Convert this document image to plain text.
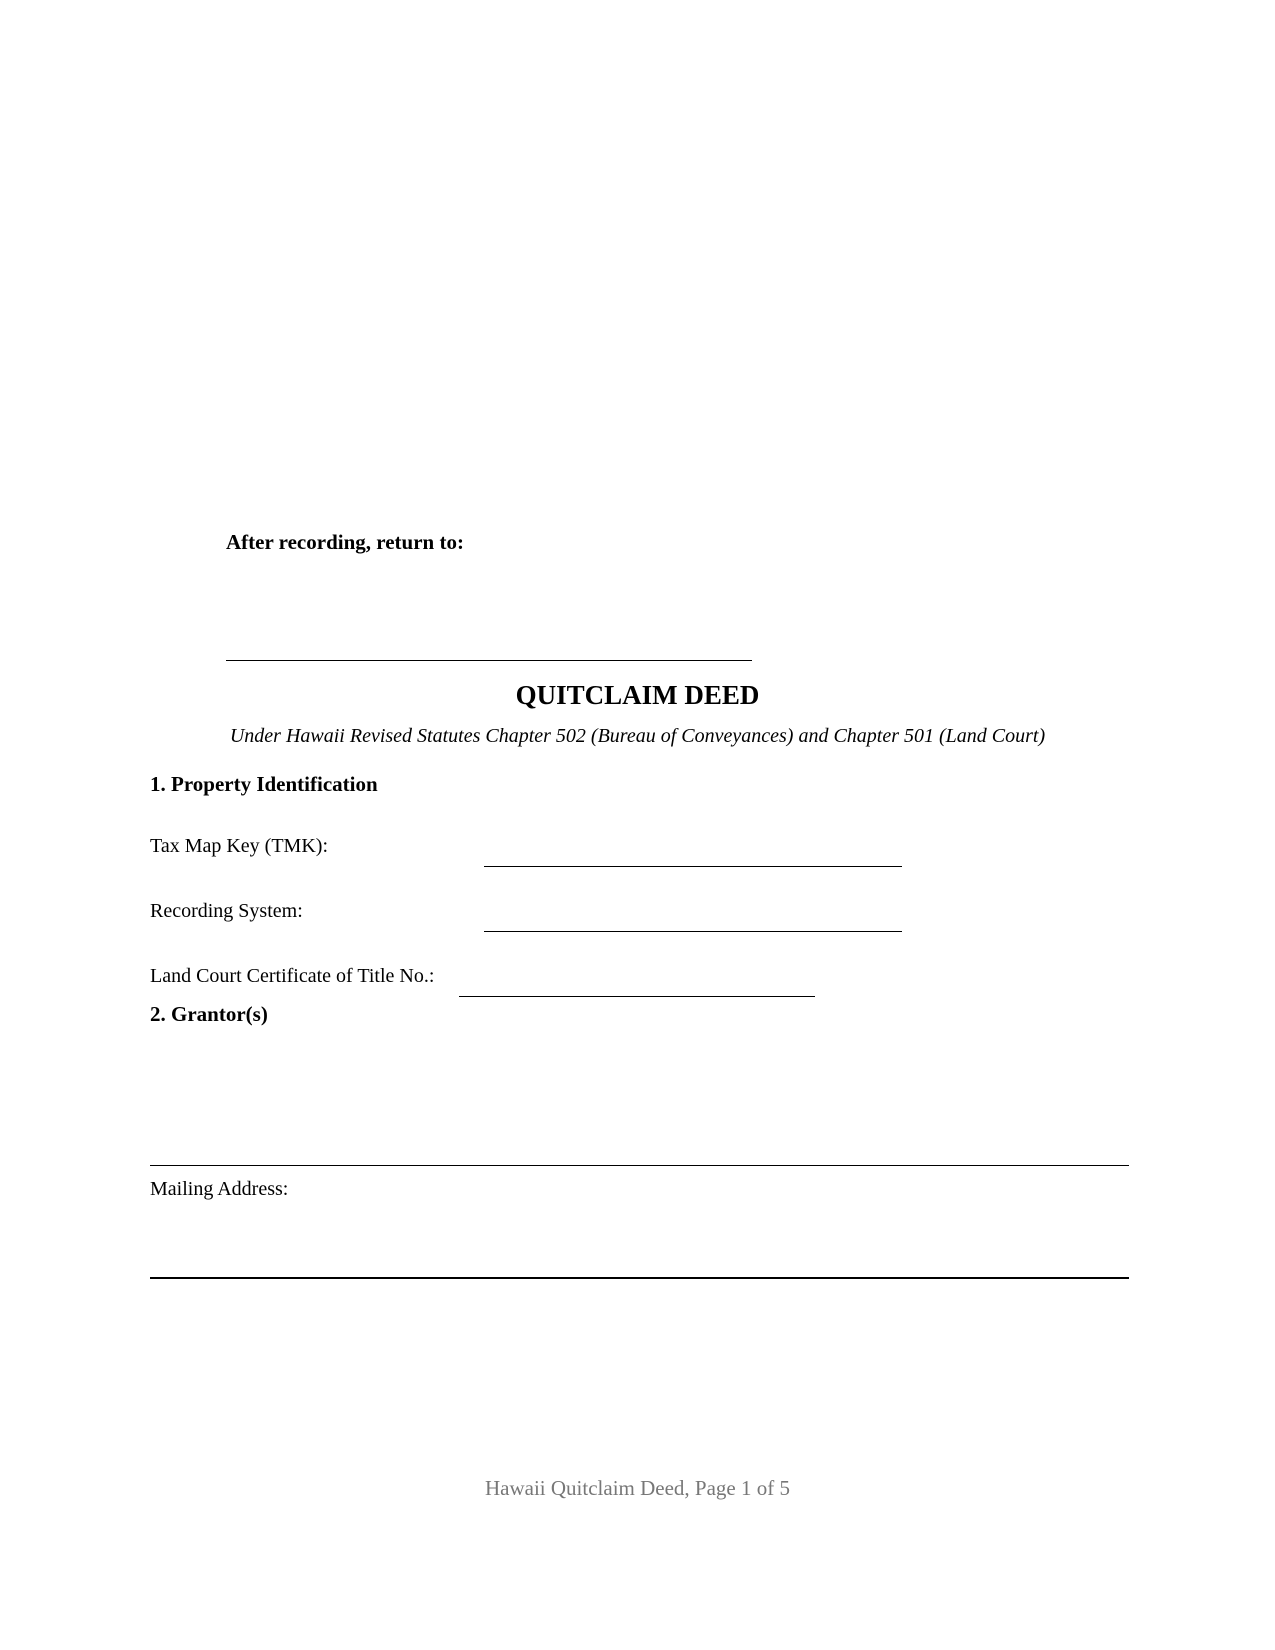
After recording, return to:
QUITCLAIM DEED
Under Hawaii Revised Statutes Chapter 502 (Bureau of Conveyances) and Chapter 501 (Land Court)
1. Property Identification
Tax Map Key (TMK):
Recording System:
Land Court Certificate of Title No.:
2. Grantor(s)
Mailing Address:
Hawaii Quitclaim Deed, Page 1 of 5
